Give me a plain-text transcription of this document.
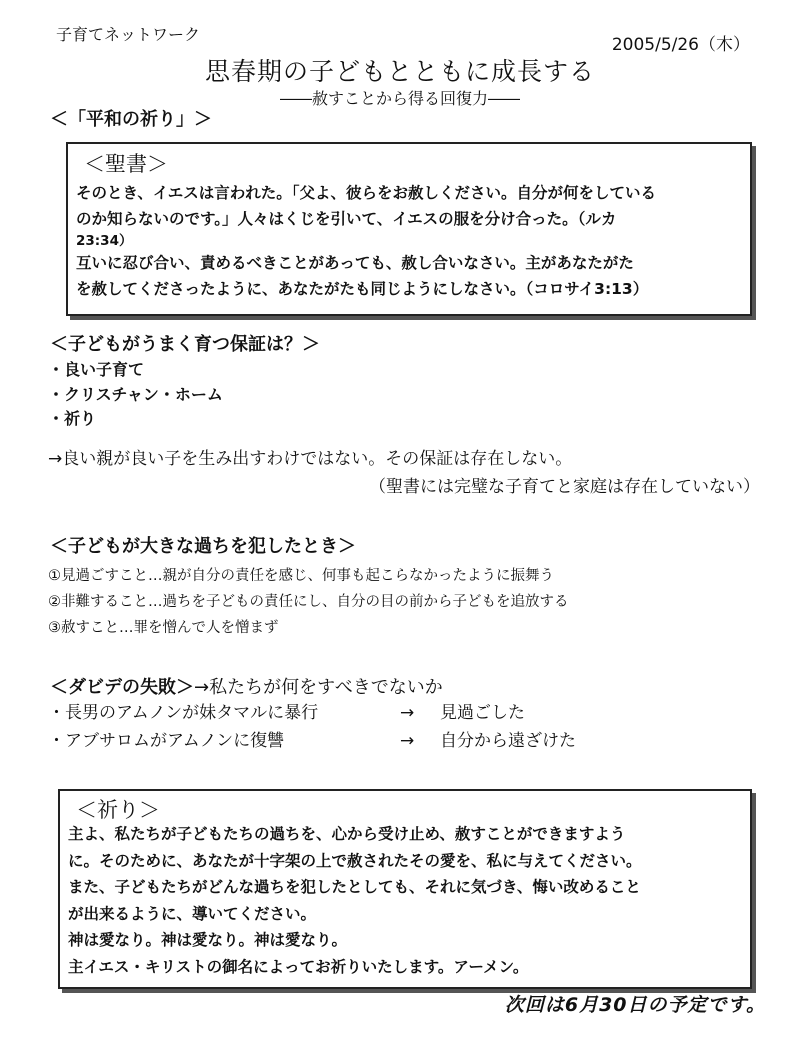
子育てネットワーク
2005/5/26（木）
思春期の子どもとともに成長する
――赦すことから得る回復力――
＜「平和の祈り」＞
＜聖書＞
そのとき、イエスは言われた。「父よ、彼らをお赦しください。自分が何をしている
のか知らないのです。」人々はくじを引いて、イエスの服を分け合った。（ルカ
23:34）
互いに忍び合い、責めるべきことがあっても、赦し合いなさい。主があなたがた
を赦してくださったように、あなたがたも同じようにしなさい。（コロサイ3:13）
＜子どもがうまく育つ保証は？＞
・良い子育て
・クリスチャン・ホーム
・祈り
→良い親が良い子を生み出すわけではない。その保証は存在しない。
（聖書には完璧な子育てと家庭は存在していない）
＜子どもが大きな過ちを犯したとき＞
①見過ごすこと…親が自分の責任を感じ、何事も起こらなかったように振舞う
②非難すること…過ちを子どもの責任にし、自分の目の前から子どもを追放する
③赦すこと…罪を憎んで人を憎まず
＜ダビデの失敗＞→私たちが何をすべきでないか
・長男のアムノンが妹タマルに暴行	→ 見過ごした
・アブサロムがアムノンに復讐	→ 自分から遠ざけた
＜祈り＞
主よ、私たちが子どもたちの過ちを、心から受け止め、赦すことができますよう
に。そのために、あなたが十字架の上で赦されたその愛を、私に与えてください。
また、子どもたちがどんな過ちを犯したとしても、それに気づき、悔い改めること
が出来るように、導いてください。
神は愛なり。神は愛なり。神は愛なり。
主イエス・キリストの御名によってお祈りいたします。アーメン。
次回は6月30日の予定です。
